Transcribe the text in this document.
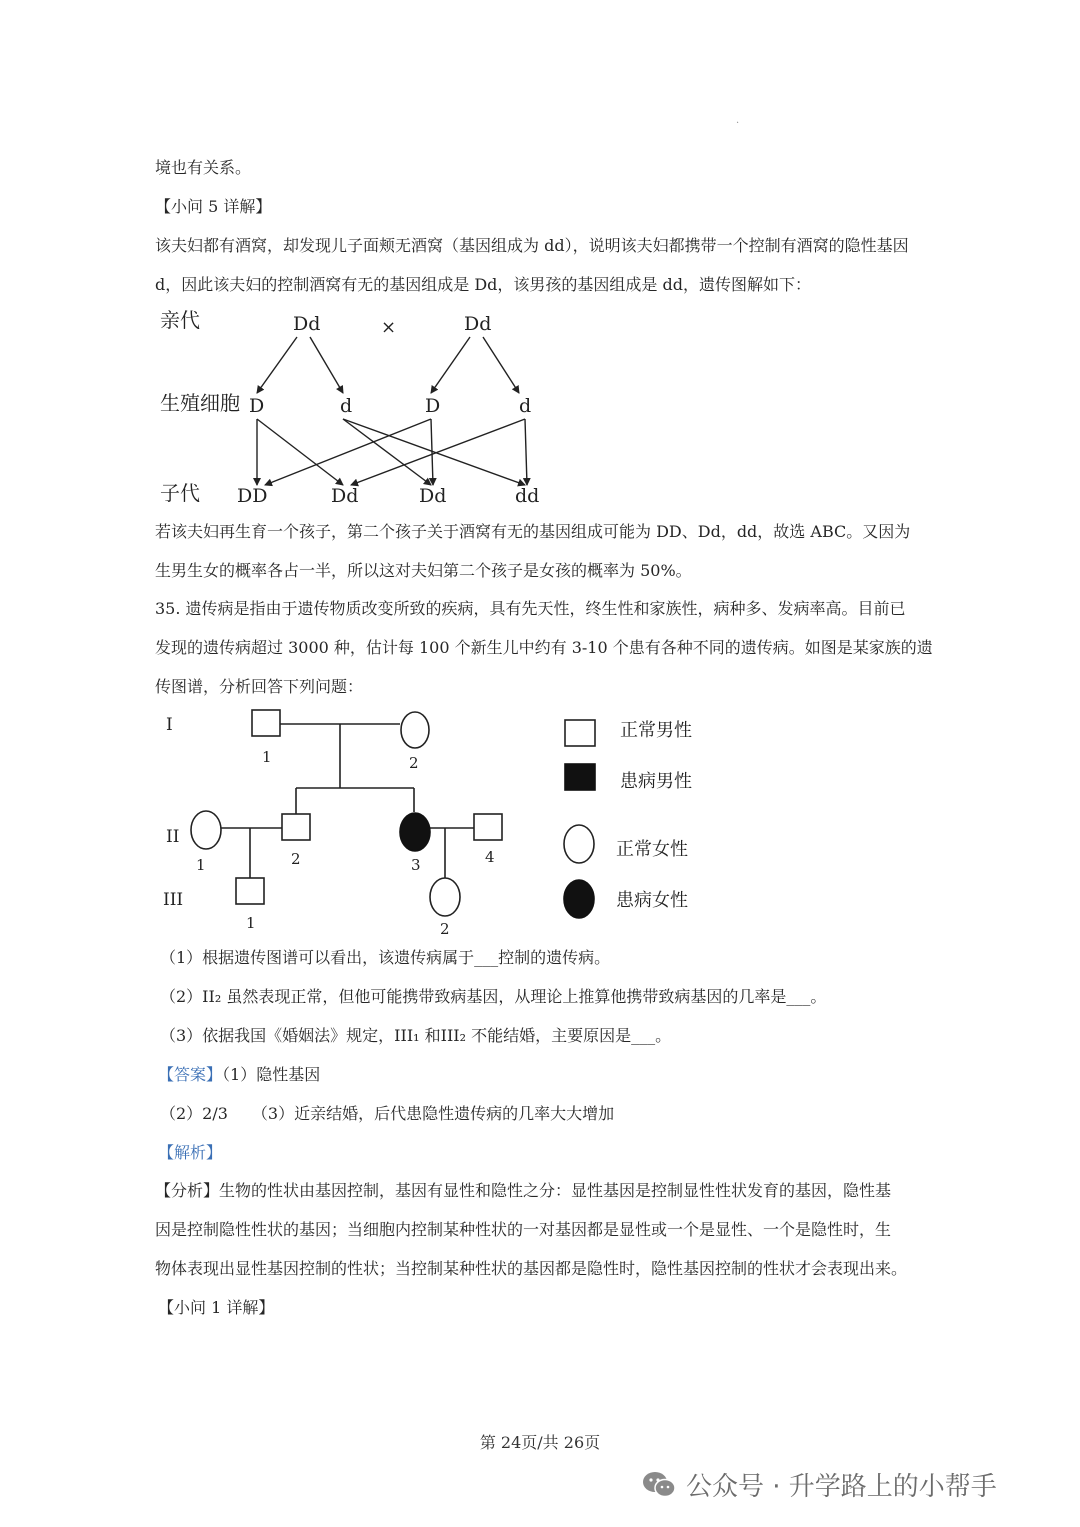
·
境也有关系。
【小问 5 详解】
该夫妇都有酒窝，却发现儿子面颊无酒窝（基因组成为 dd），说明该夫妇都携带一个控制有酒窝的隐性基因
d，因此该夫妇的控制酒窝有无的基因组成是 Dd，该男孩的基因组成是 dd，遗传图解如下：
亲代
生殖细胞
子代
Dd	×	Dd
D	d	D	d
DD	Dd	Dd	dd
若该夫妇再生育一个孩子，第二个孩子关于酒窝有无的基因组成可能为 DD、Dd，dd，故选 ABC。又因为
生男生女的概率各占一半，所以这对夫妇第二个孩子是女孩的概率为 50%。
35. 遗传病是指由于遗传物质改变所致的疾病，具有先天性，终生性和家族性，病种多、发病率高。目前已
发现的遗传病超过 3000 种，估计每 100 个新生儿中约有 3-10 个患有各种不同的遗传病。如图是某家族的遗
传图谱，分析回答下列问题：
I
II
III
1	2
1	2	3	4
1	2
正常男性
患病男性
正常女性
患病女性
（1）根据遗传图谱可以看出，该遗传病属于___控制的遗传病。
（2）II₂ 虽然表现正常，但他可能携带致病基因，从理论上推算他携带致病基因的几率是___。
（3）依据我国《婚姻法》规定，III₁ 和III₂ 不能结婚，主要原因是___。
【答案】（1）隐性基因
（2）2/3　　（3）近亲结婚，后代患隐性遗传病的几率大大增加
【解析】
【分析】生物的性状由基因控制，基因有显性和隐性之分：显性基因是控制显性性状发育的基因，隐性基
因是控制隐性性状的基因；当细胞内控制某种性状的一对基因都是显性或一个是显性、一个是隐性时，生
物体表现出显性基因控制的性状；当控制某种性状的基因都是隐性时，隐性基因控制的性状才会表现出来。
【小问 1 详解】
第 24页/共 26页
公众号 · 升学路上的小帮手
